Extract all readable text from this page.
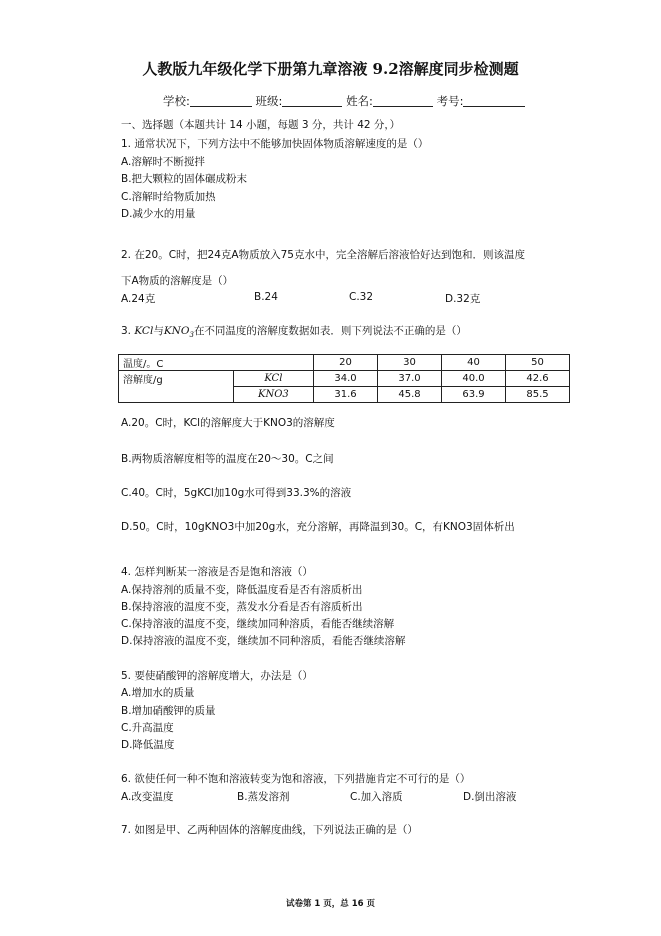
人教版九年级化学下册第九章溶液 9.2溶解度同步检测题
学校:	班级:	姓名:	考号:
一、选择题（本题共计 14 小题，每题 3 分，共计 42 分，）
1. 通常状况下，下列方法中不能够加快固体物质溶解速度的是（）
A.溶解时不断搅拌
B.把大颗粒的固体碾成粉末
C.溶解时给物质加热
D.减少水的用量
2. 在20。C时，把24克A物质放入75克水中，完全溶解后溶液恰好达到饱和．则该温度
下A物质的溶解度是（）
A.24克	B.24	C.32	D.32克
3. KCl与$KNO_3$在不同温度的溶解度数据如表．则下列说法不正确的是（）
温度/。C		20	30	40	50
溶解度/g	KCl	34.0	37.0	40.0	42.6
	KNO3	31.6	45.8	63.9	85.5
A.20。C时，KCl的溶解度大于KNO3的溶解度
B.两物质溶解度相等的温度在20～30。C之间
C.40。C时，5gKCl加10g水可得到33.3%的溶液
D.50。C时，10gKNO3中加20g水，充分溶解，再降温到30。C，有KNO3固体析出
4. 怎样判断某一溶液是否是饱和溶液（）
A.保持溶剂的质量不变，降低温度看是否有溶质析出
B.保持溶液的温度不变，蒸发水分看是否有溶质析出
C.保持溶液的温度不变，继续加同种溶质，看能否继续溶解
D.保持溶液的温度不变，继续加不同种溶质，看能否继续溶解
5. 要使硝酸钾的溶解度增大，办法是（）
A.增加水的质量
B.增加硝酸钾的质量
C.升高温度
D.降低温度
6. 欲使任何一种不饱和溶液转变为饱和溶液，下列措施肯定不可行的是（）
A.改变温度	B.蒸发溶剂	C.加入溶质	D.倒出溶液
7. 如图是甲、乙两种固体的溶解度曲线，下列说法正确的是（）
试卷第 1 页，总 16 页
